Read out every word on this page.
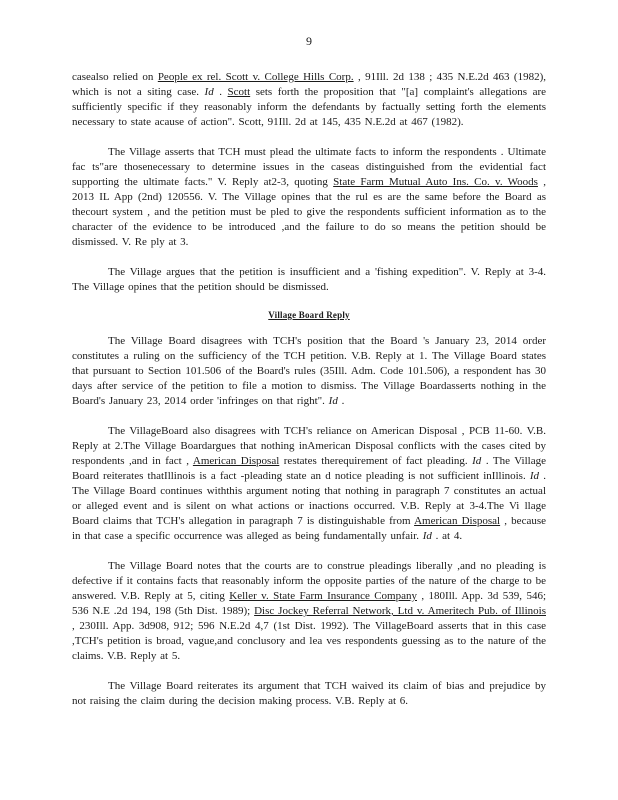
9

casealso relied on People ex rel. Scott v. College Hills Corp. , 91Ill. 2d 138 ; 435 N.E.2d 463 (1982), which is not a siting case. Id . Scott sets forth the proposition that "[a] complaint's allegations are sufficiently specific if they reasonably inform the defendants by factually setting forth the elements necessary to state acause of action". Scott, 91Ill. 2d at 145, 435 N.E.2d at 467 (1982).

The Village asserts that TCH must plead the ultimate facts to inform the respondents . Ultimate fac ts"are thosenecessary to determine issues in the caseas distinguished from the evidential fact supporting the ultimate facts." V. Reply at2-3, quoting State Farm Mutual Auto Ins. Co. v. Woods , 2013 IL App (2nd) 120556. V. The Village opines that the rul es are the same before the Board as thecourt system , and the petition must be pled to give the respondents sufficient information as to the character of the evidence to be introduced ,and the failure to do so means the petition should be dismissed. V. Re ply at 3.

The Village argues that the petition is insufficient and a 'fishing expedition". V. Reply at 3-4. The Village opines that the petition should be dismissed.

Village Board Reply

The Village Board disagrees with TCH's position that the Board 's January 23, 2014 order constitutes a ruling on the sufficiency of the TCH petition. V.B. Reply at 1. The Village Board states that pursuant to Section 101.506 of the Board's rules (35Ill. Adm. Code 101.506), a respondent has 30 days after service of the petition to file a motion to dismiss. The Village Boardasserts nothing in the Board's January 23, 2014 order 'infringes on that right". Id .

The VillageBoard also disagrees with TCH's reliance on American Disposal , PCB 11-60. V.B. Reply at 2.The Village Boardargues that nothing inAmerican Disposal conflicts with the cases cited by respondents ,and in fact , American Disposal restates therequirement of fact pleading. Id . The Village Board reiterates thatIllinois is a fact -pleading state an d notice pleading is not sufficient inIllinois. Id . The Village Board continues withthis argument noting that nothing in paragraph 7 constitutes an actual or alleged event and is silent on what actions or inactions occurred. V.B. Reply at 3-4.The Vi llage Board claims that TCH's allegation in paragraph 7 is distinguishable from American Disposal , because in that case a specific occurrence was alleged as being fundamentally unfair. Id . at 4.

The Village Board notes that the courts are to construe pleadings liberally ,and no pleading is defective if it contains facts that reasonably inform the opposite parties of the nature of the charge to be answered. V.B. Reply at 5, citing Keller v. State Farm Insurance Company , 180Ill. App. 3d 539, 546; 536 N.E .2d 194, 198 (5th Dist. 1989); Disc Jockey Referral Network, Ltd v. Ameritech Pub. of Illinois , 230Ill. App. 3d908, 912; 596 N.E.2d 4,7 (1st Dist. 1992). The VillageBoard asserts that in this case ,TCH's petition is broad, vague,and conclusory and lea ves respondents guessing as to the nature of the claims. V.B. Reply at 5.

The Village Board reiterates its argument that TCH waived its claim of bias and prejudice by not raising the claim during the decision making process. V.B. Reply at 6.
